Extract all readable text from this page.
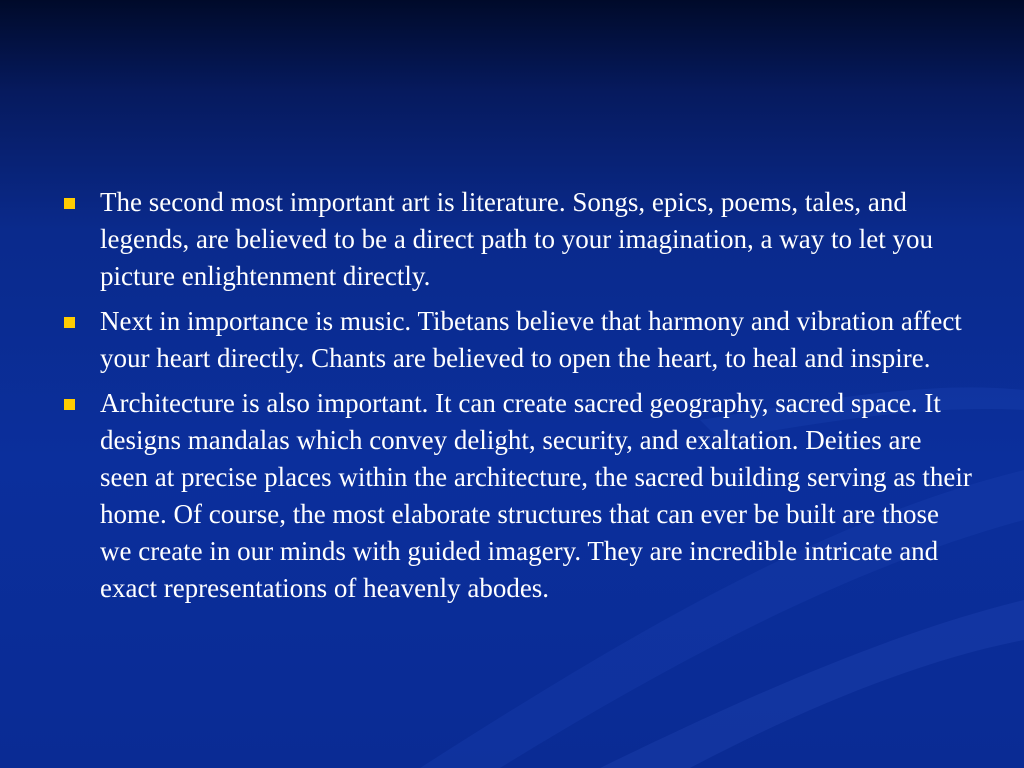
The second most important art is literature. Songs, epics, poems, tales, and legends, are believed to be a direct path to your imagination, a way to let you picture enlightenment directly.
Next in importance is music. Tibetans believe that harmony and vibration affect your heart directly. Chants are believed to open the heart, to heal and inspire.
Architecture is also important. It can create sacred geography, sacred space. It designs mandalas which convey delight, security, and exaltation. Deities are seen at precise places within the architecture, the sacred building serving as their home. Of course, the most elaborate structures that can ever be built are those we create in our minds with guided imagery. They are incredible intricate and exact representations of heavenly abodes.
